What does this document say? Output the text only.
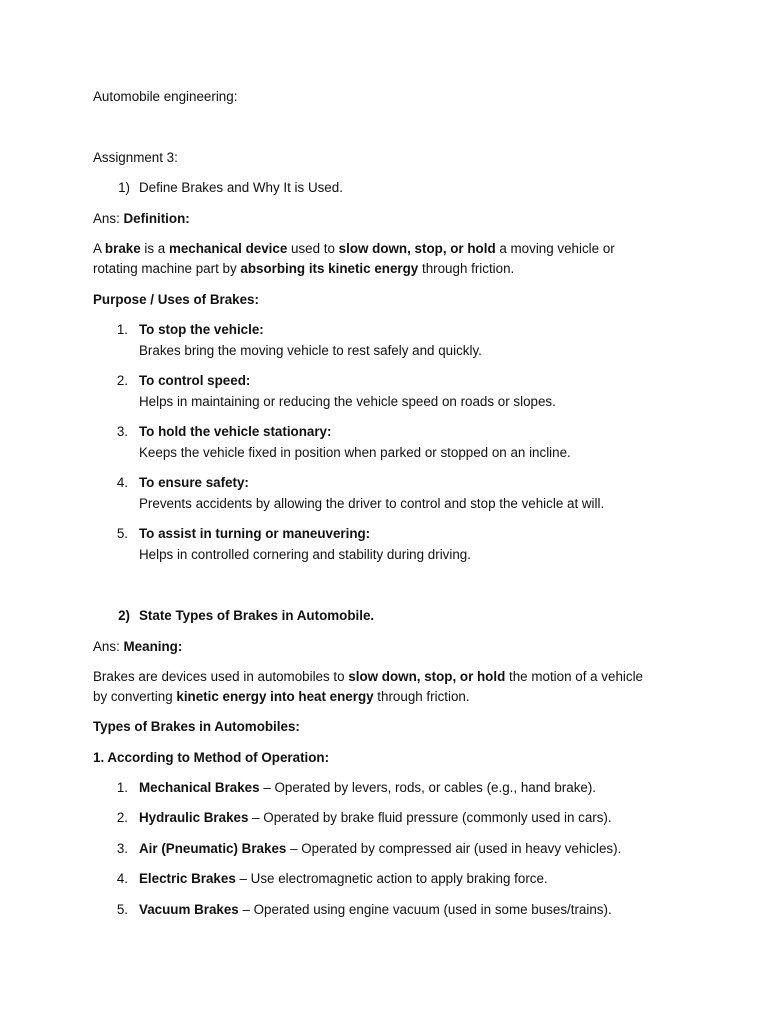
Automobile engineering:
Assignment 3:
1) Define Brakes and Why It is Used.
Ans: Definition:
A brake is a mechanical device used to slow down, stop, or hold a moving vehicle or
rotating machine part by absorbing its kinetic energy through friction.
Purpose / Uses of Brakes:
1. To stop the vehicle:
Brakes bring the moving vehicle to rest safely and quickly.
2. To control speed:
Helps in maintaining or reducing the vehicle speed on roads or slopes.
3. To hold the vehicle stationary:
Keeps the vehicle fixed in position when parked or stopped on an incline.
4. To ensure safety:
Prevents accidents by allowing the driver to control and stop the vehicle at will.
5. To assist in turning or maneuvering:
Helps in controlled cornering and stability during driving.
2) State Types of Brakes in Automobile.
Ans: Meaning:
Brakes are devices used in automobiles to slow down, stop, or hold the motion of a vehicle
by converting kinetic energy into heat energy through friction.
Types of Brakes in Automobiles:
1. According to Method of Operation:
1. Mechanical Brakes – Operated by levers, rods, or cables (e.g., hand brake).
2. Hydraulic Brakes – Operated by brake fluid pressure (commonly used in cars).
3. Air (Pneumatic) Brakes – Operated by compressed air (used in heavy vehicles).
4. Electric Brakes – Use electromagnetic action to apply braking force.
5. Vacuum Brakes – Operated using engine vacuum (used in some buses/trains).
